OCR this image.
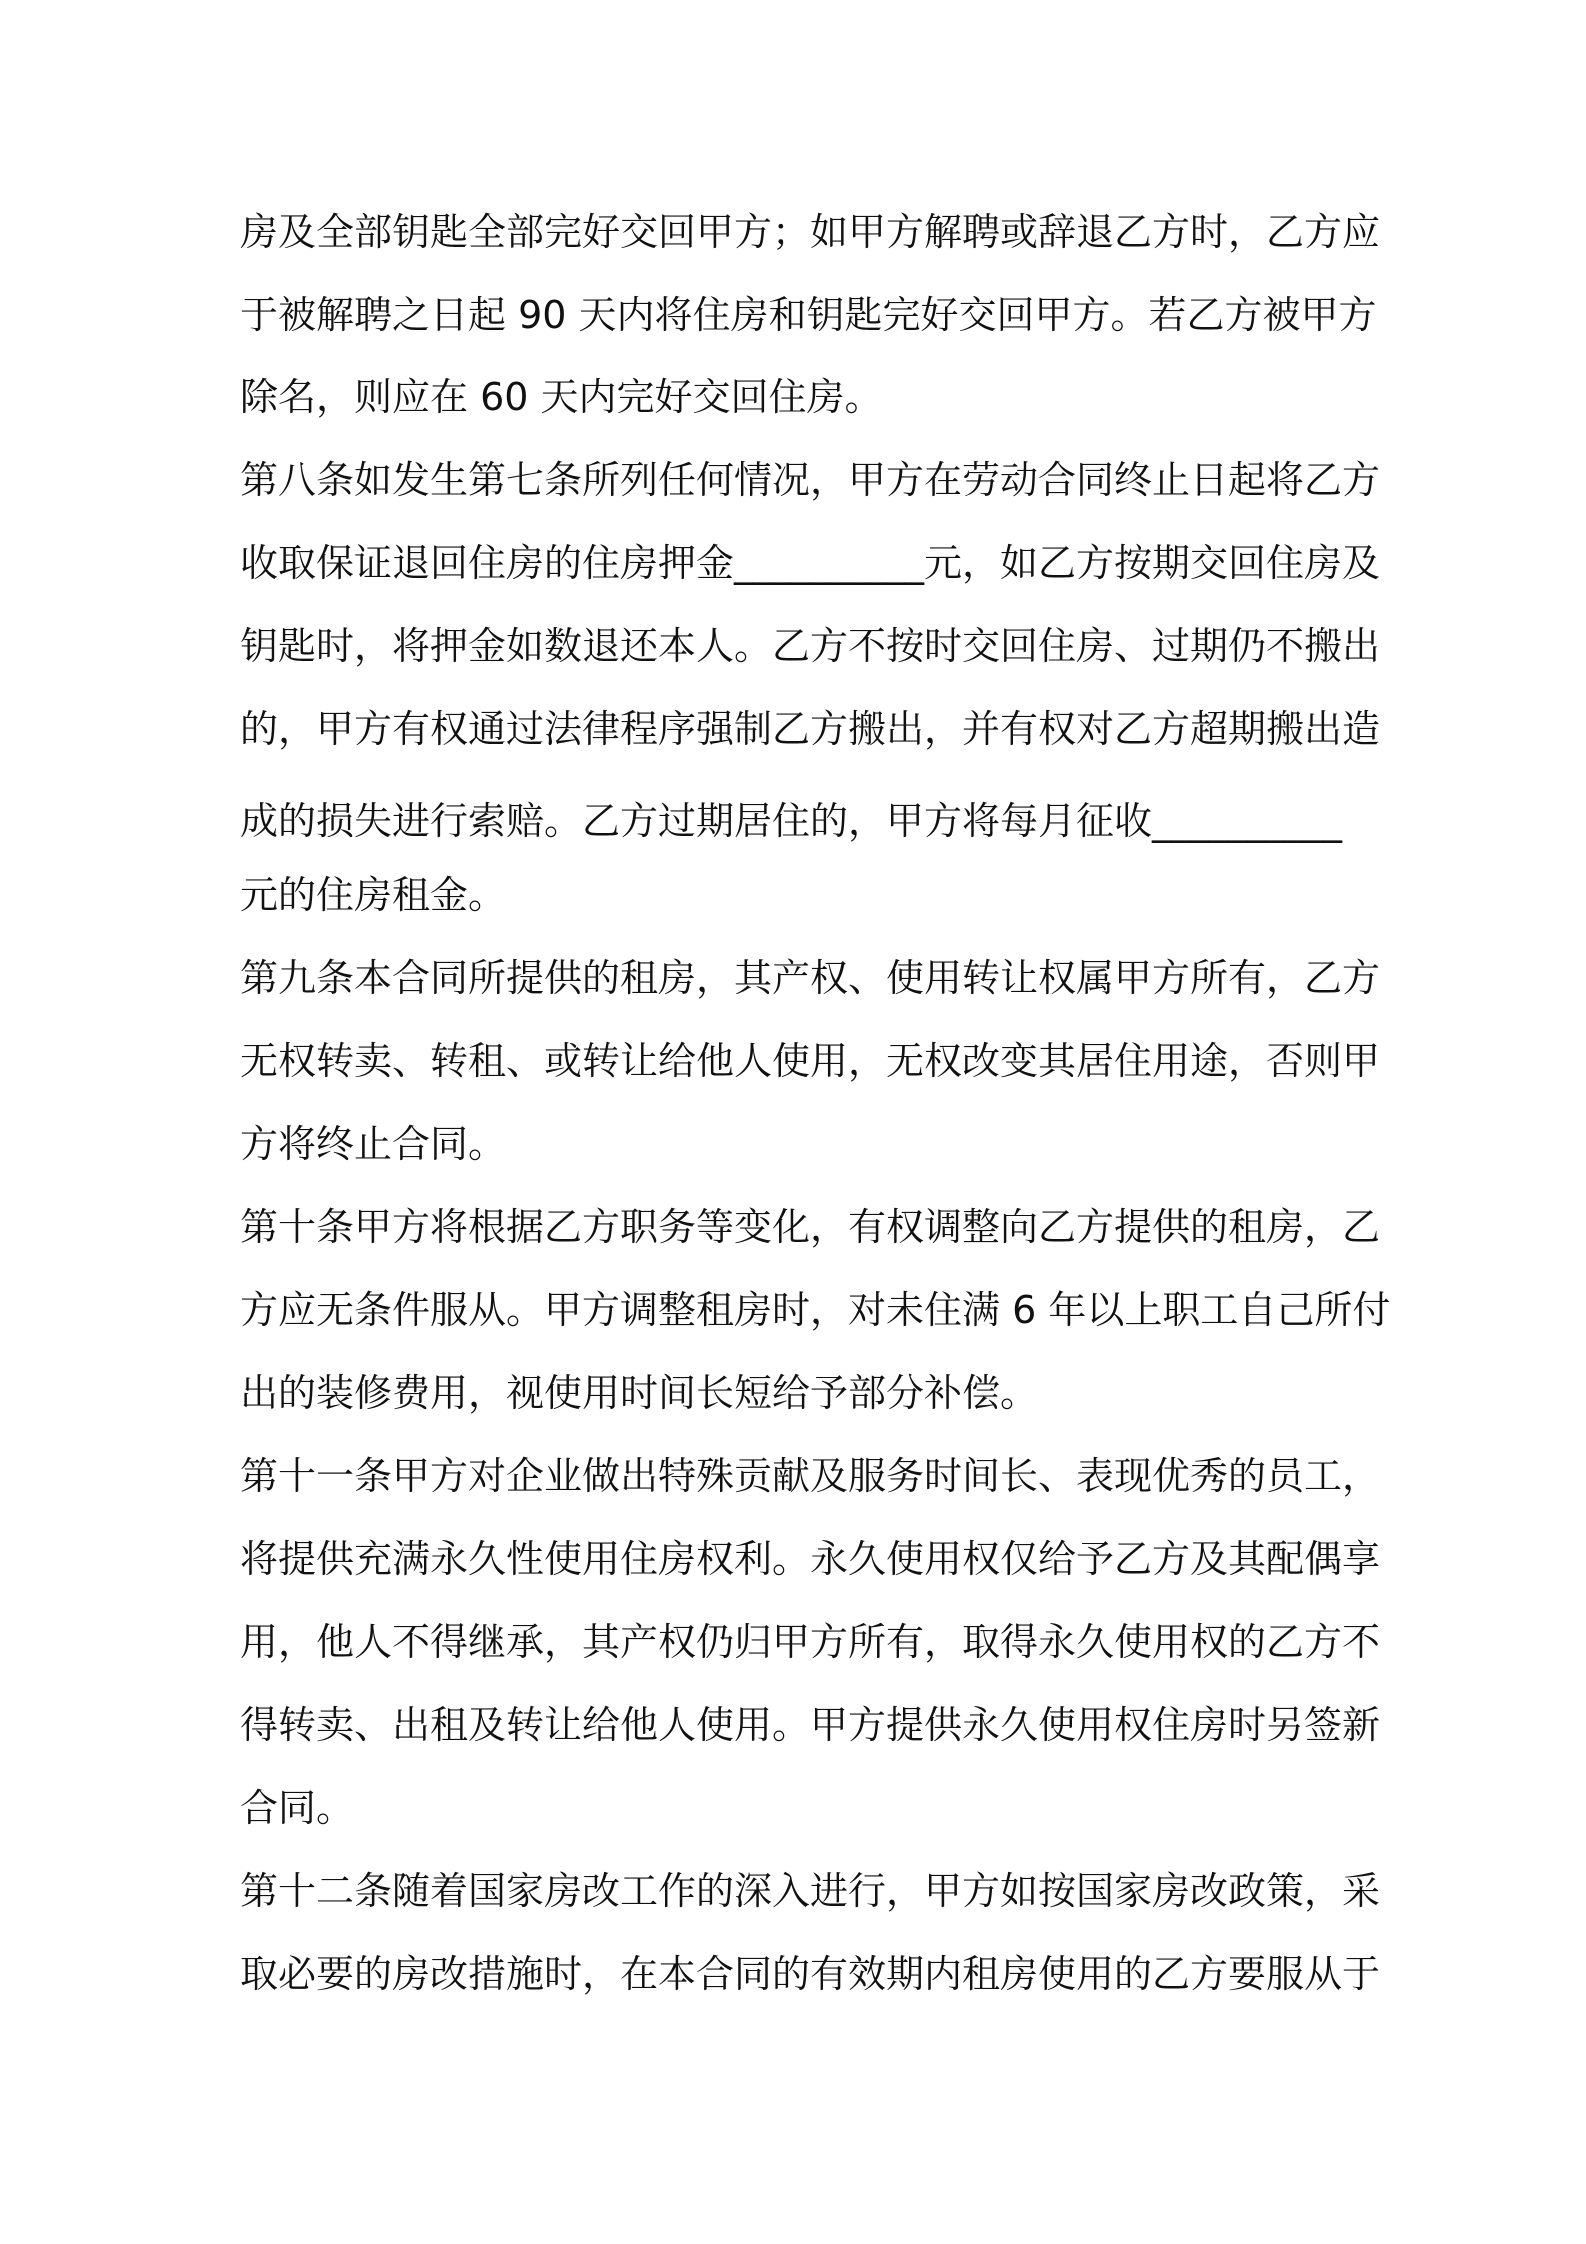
房及全部钥匙全部完好交回甲方；如甲方解聘或辞退乙方时，乙方应
于被解聘之日起 90 天内将住房和钥匙完好交回甲方。若乙方被甲方
除名，则应在 60 天内完好交回住房。
第八条如发生第七条所列任何情况，甲方在劳动合同终止日起将乙方
收取保证退回住房的住房押金__________元，如乙方按期交回住房及
钥匙时，将押金如数退还本人。乙方不按时交回住房、过期仍不搬出
的，甲方有权通过法律程序强制乙方搬出，并有权对乙方超期搬出造
成的损失进行索赔。乙方过期居住的，甲方将每月征收__________
元的住房租金。
第九条本合同所提供的租房，其产权、使用转让权属甲方所有，乙方
无权转卖、转租、或转让给他人使用，无权改变其居住用途，否则甲
方将终止合同。
第十条甲方将根据乙方职务等变化，有权调整向乙方提供的租房，乙
方应无条件服从。甲方调整租房时，对未住满 6 年以上职工自己所付
出的装修费用，视使用时间长短给予部分补偿。
第十一条甲方对企业做出特殊贡献及服务时间长、表现优秀的员工，
将提供充满永久性使用住房权利。永久使用权仅给予乙方及其配偶享
用，他人不得继承，其产权仍归甲方所有，取得永久使用权的乙方不
得转卖、出租及转让给他人使用。甲方提供永久使用权住房时另签新
合同。
第十二条随着国家房改工作的深入进行，甲方如按国家房改政策，采
取必要的房改措施时，在本合同的有效期内租房使用的乙方要服从于
